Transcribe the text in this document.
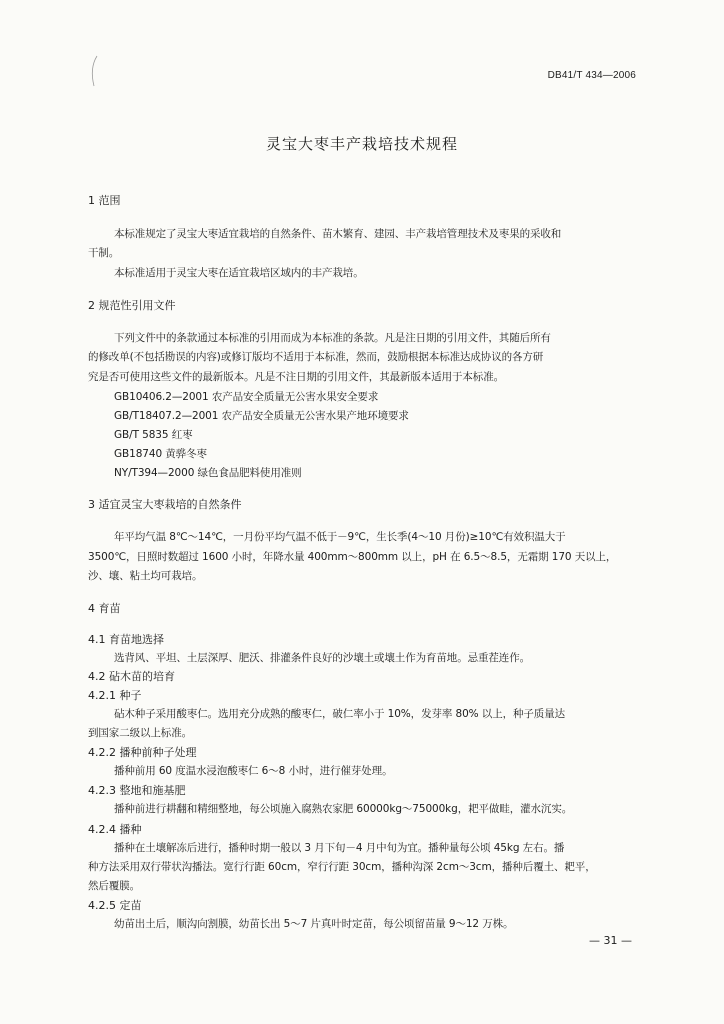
DB41/T 434—2006
灵宝大枣丰产栽培技术规程
1 范围
本标准规定了灵宝大枣适宜栽培的自然条件、苗木繁育、建园、丰产栽培管理技术及枣果的采收和
干制。
本标准适用于灵宝大枣在适宜栽培区域内的丰产栽培。
2 规范性引用文件
下列文件中的条款通过本标准的引用而成为本标准的条款。凡是注日期的引用文件，其随后所有
的修改单(不包括勘误的内容)或修订版均不适用于本标准，然而，鼓励根据本标准达成协议的各方研
究是否可使用这些文件的最新版本。凡是不注日期的引用文件，其最新版本适用于本标准。
GB10406.2—2001 农产品安全质量无公害水果安全要求
GB/T18407.2—2001 农产品安全质量无公害水果产地环境要求
GB/T 5835 红枣
GB18740 黄骅冬枣
NY/T394—2000 绿色食品肥料使用准则
3 适宜灵宝大枣栽培的自然条件
年平均气温 8℃～14℃，一月份平均气温不低于－9℃，生长季(4～10 月份)≥10℃有效积温大于
3500℃，日照时数超过 1600 小时，年降水量 400mm～800mm 以上，pH 在 6.5～8.5，无霜期 170 天以上，
沙、壤、粘土均可栽培。
4 育苗
4.1 育苗地选择
选背风、平坦、土层深厚、肥沃、排灌条件良好的沙壤土或壤土作为育苗地。忌重茬连作。
4.2 砧木苗的培育
4.2.1 种子
砧木种子采用酸枣仁。选用充分成熟的酸枣仁，破仁率小于 10%，发芽率 80% 以上，种子质量达
到国家二级以上标准。
4.2.2 播种前种子处理
播种前用 60 度温水浸泡酸枣仁 6～8 小时，进行催芽处理。
4.2.3 整地和施基肥
播种前进行耕翻和精细整地，每公顷施入腐熟农家肥 60000kg～75000kg，耙平做畦，灌水沉实。
4.2.4 播种
播种在土壤解冻后进行，播种时期一般以 3 月下旬－4 月中旬为宜。播种量每公顷 45kg 左右。播
种方法采用双行带状沟播法。宽行行距 60cm，窄行行距 30cm，播种沟深 2cm～3cm，播种后覆土、耙平，
然后覆膜。
4.2.5 定苗
幼苗出土后，顺沟向割膜，幼苗长出 5～7 片真叶时定苗，每公顷留苗量 9～12 万株。
— 31 —
